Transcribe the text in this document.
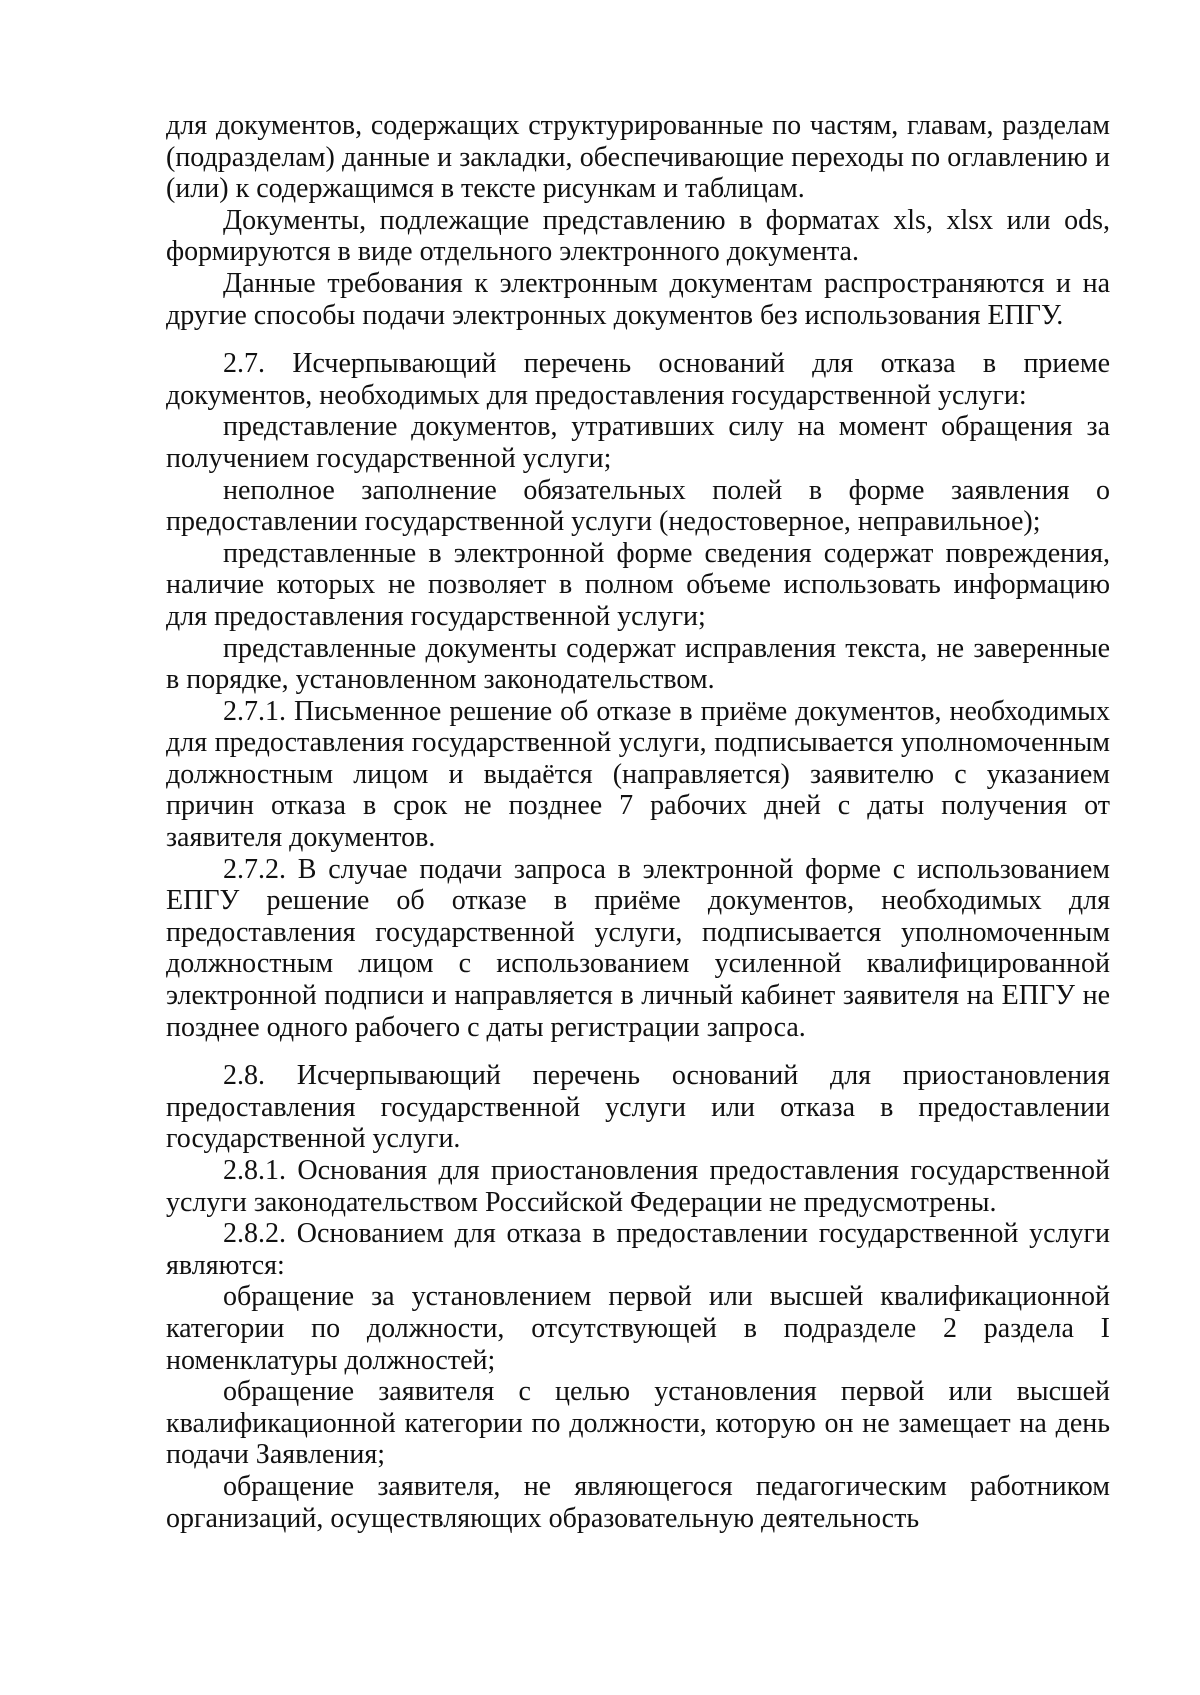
для документов, содержащих структурированные по частям, главам, разделам (подразделам) данные и закладки, обеспечивающие переходы по оглавлению и (или) к содержащимся в тексте рисункам и таблицам.

Документы, подлежащие представлению в форматах xls, xlsx или ods, формируются в виде отдельного электронного документа.

Данные требования к электронным документам распространяются и на другие способы подачи электронных документов без использования ЕПГУ.

2.7. Исчерпывающий перечень оснований для отказа в приеме документов, необходимых для предоставления государственной услуги:

представление документов, утративших силу на момент обращения за получением государственной услуги;

неполное заполнение обязательных полей в форме заявления о предоставлении государственной услуги (недостоверное, неправильное);

представленные в электронной форме сведения содержат повреждения, наличие которых не позволяет в полном объеме использовать информацию для предоставления государственной услуги;

представленные документы содержат исправления текста, не заверенные в порядке, установленном законодательством.

2.7.1. Письменное решение об отказе в приёме документов, необходимых для предоставления государственной услуги, подписывается уполномоченным должностным лицом и выдаётся (направляется) заявителю с указанием причин отказа в срок не позднее 7 рабочих дней с даты получения от заявителя документов.

2.7.2. В случае подачи запроса в электронной форме с использованием ЕПГУ решение об отказе в приёме документов, необходимых для предоставления государственной услуги, подписывается уполномоченным должностным лицом с использованием усиленной квалифицированной электронной подписи и направляется в личный кабинет заявителя на ЕПГУ не позднее одного рабочего с даты регистрации запроса.

2.8. Исчерпывающий перечень оснований для приостановления предоставления государственной услуги или отказа в предоставлении государственной услуги.

2.8.1. Основания для приостановления предоставления государственной услуги законодательством Российской Федерации не предусмотрены.

2.8.2. Основанием для отказа в предоставлении государственной услуги являются:

обращение за установлением первой или высшей квалификационной категории по должности, отсутствующей в подразделе 2 раздела I номенклатуры должностей;

обращение заявителя с целью установления первой или высшей квалификационной категории по должности, которую он не замещает на день подачи Заявления;

обращение заявителя, не являющегося педагогическим работником организаций, осуществляющих образовательную деятельность
